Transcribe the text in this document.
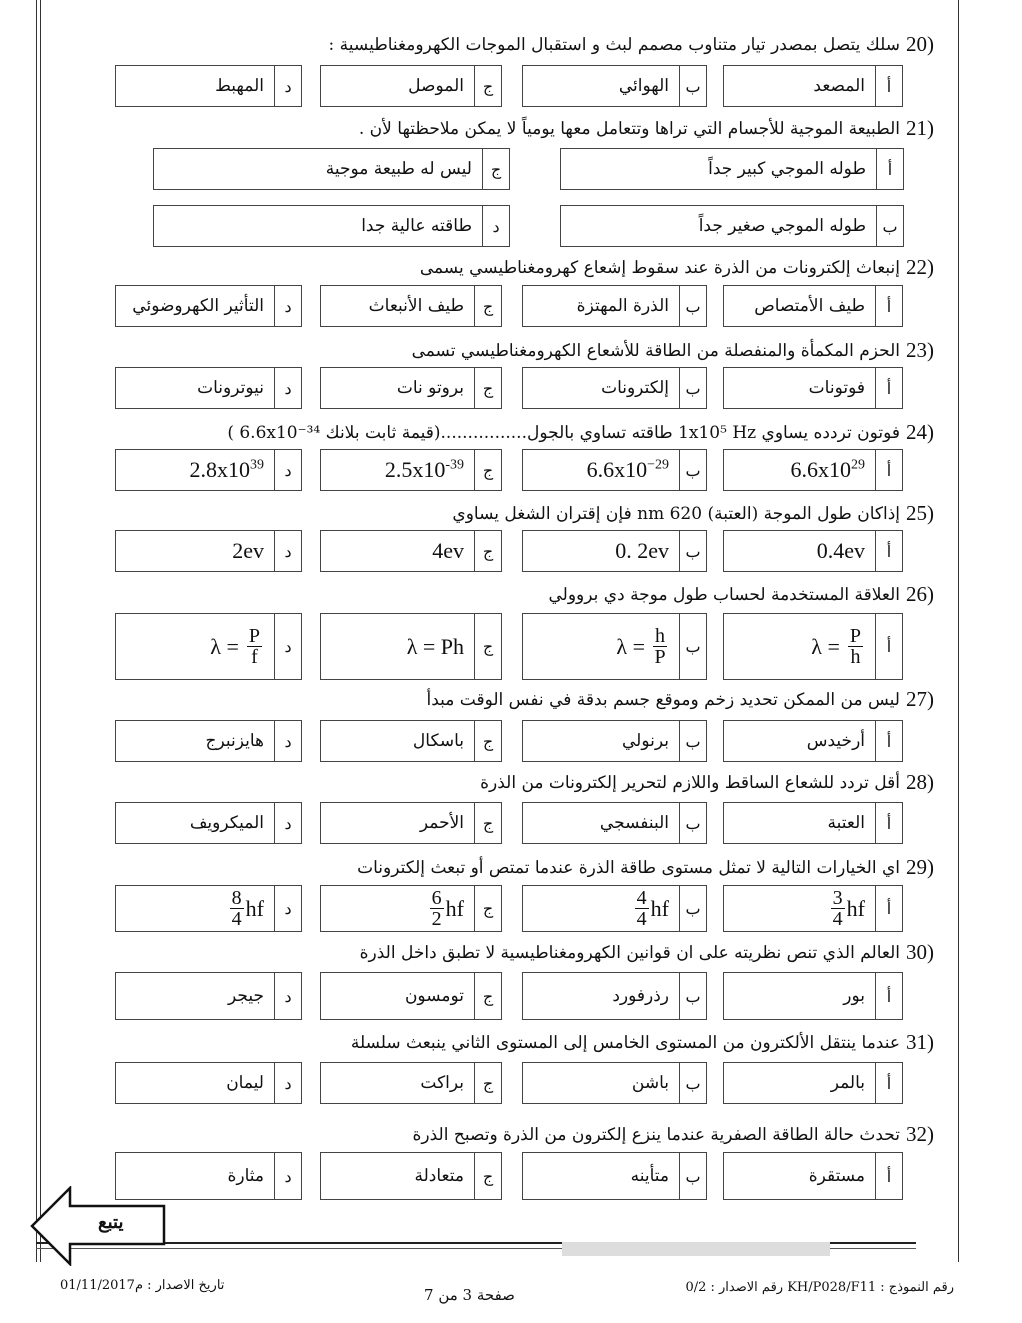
20)
سلك يتصل بمصدر تيار متناوب مصمم لبث و استقبال الموجات الكهرومغناطيسية :
أ
المصعد
ب
الهوائي
ج
الموصل
د
المهبط
21)
الطبيعة الموجية للأجسام التي تراها وتتعامل معها يومياً لا يمكن ملاحظتها لأن .
أ
طوله الموجي كبير جداً
ج
ليس له طبيعة موجية
ب
طوله الموجي صغير جداً
د
طاقته عالية جدا
22)
إنبعاث إلكترونات من الذرة عند سقوط إشعاع كهرومغناطيسي يسمى
أ
طيف الأمتصاص
ب
الذرة المهتزة
ج
طيف الأنبعاث
د
التأثير الكهروضوئي
23)
الحزم المكمأة والمنفصلة من الطاقة للأشعاع الكهرومغناطيسي تسمى
أ
فوتونات
ب
إلكترونات
ج
بروتو نات
د
نيوترونات
24)
فوتون تردده يساوي 1x10⁵ Hz طاقته تساوي بالجول................(قيمة ثابت بلانك 6.6x10⁻³⁴ )
أ
$6.6x10^{29}$
ب
$6.6x10^{-29}$
ج
$2.5x10^{-39}$
د
$2.8x10^{39}$
25)
إذاكان طول الموجة (العتبة) 620 nm فإن إقتران الشغل يساوي
أ
0.4ev
ب
0. 2ev
ج
4ev
د
2ev
26)
العلاقة المستخدمة لحساب طول موجة دي بروولي
أ
$\lambda = \frac{P}{h}$
ب
$\lambda = \frac{h}{P}$
ج
λ = Ph
د
$\lambda = \frac{P}{f}$
27)
ليس من الممكن تحديد زخم وموقع جسم بدقة في نفس الوقت مبدأ
أ
أرخيدس
ب
برنولي
ج
باسكال
د
هايزنبرج
28)
أقل تردد للشعاع الساقط واللازم لتحرير إلكترونات من الذرة
أ
العتبة
ب
البنفسجي
ج
الأحمر
د
الميكرويف
29)
اي الخيارات التالية لا تمثل مستوى طاقة الذرة عندما تمتص أو تبعث إلكترونات
أ
$\frac{3}{4}$ hf
ب
$\frac{4}{4}$ hf
ج
$\frac{6}{2}$ hf
د
$\frac{8}{4}$ hf
30)
العالم الذي تنص نظريته على ان قوانين الكهرومغناطيسية لا تطبق داخل الذرة
أ
بور
ب
رذرفورد
ج
تومسون
د
جيجر
31)
عندما ينتقل الألكترون من المستوى الخامس إلى المستوى الثاني ينبعث سلسلة
أ
بالمر
ب
باشن
ج
براكت
د
ليمان
32)
تحدث حالة الطاقة الصفرية عندما ينزع إلكترون من الذرة وتصبح الذرة
أ
مستقرة
ب
متأينه
ج
متعادلة
د
مثارة
يتبع
رقم النموذج : KH/P028/F11 رقم الاصدار : 0/2
صفحة 3 من 7
تاريخ الاصدار : م01/11/2017
